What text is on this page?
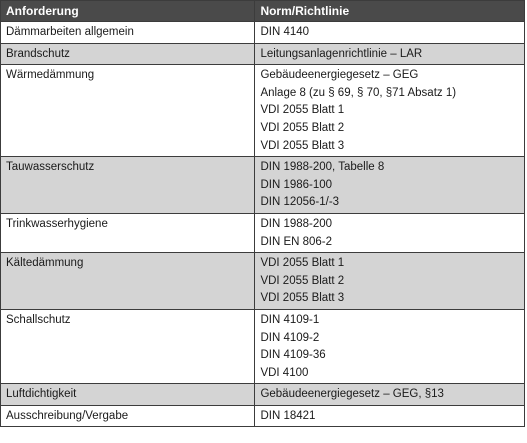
Anforderung	Norm/Richtlinie
Dämmarbeiten allgemein	DIN 4140

Brandschutz	Leitungsanlagenrichtlinie – LAR

Wärmedämmung	Gebäudeenergiegesetz – GEG
Anlage 8 (zu § 69, § 70, §71 Absatz 1)
VDI 2055 Blatt 1
VDI 2055 Blatt 2
VDI 2055 Blatt 3

Tauwasserschutz	DIN 1988-200, Tabelle 8
DIN 1986-100
DIN 12056-1/-3

Trinkwasserhygiene	DIN 1988-200
DIN EN 806-2

Kältedämmung	VDI 2055 Blatt 1
VDI 2055 Blatt 2
VDI 2055 Blatt 3

Schallschutz	DIN 4109-1
DIN 4109-2
DIN 4109-36
VDI 4100

Luftdichtigkeit	Gebäudeenergiegesetz – GEG, §13

Ausschreibung/Vergabe	DIN 18421
